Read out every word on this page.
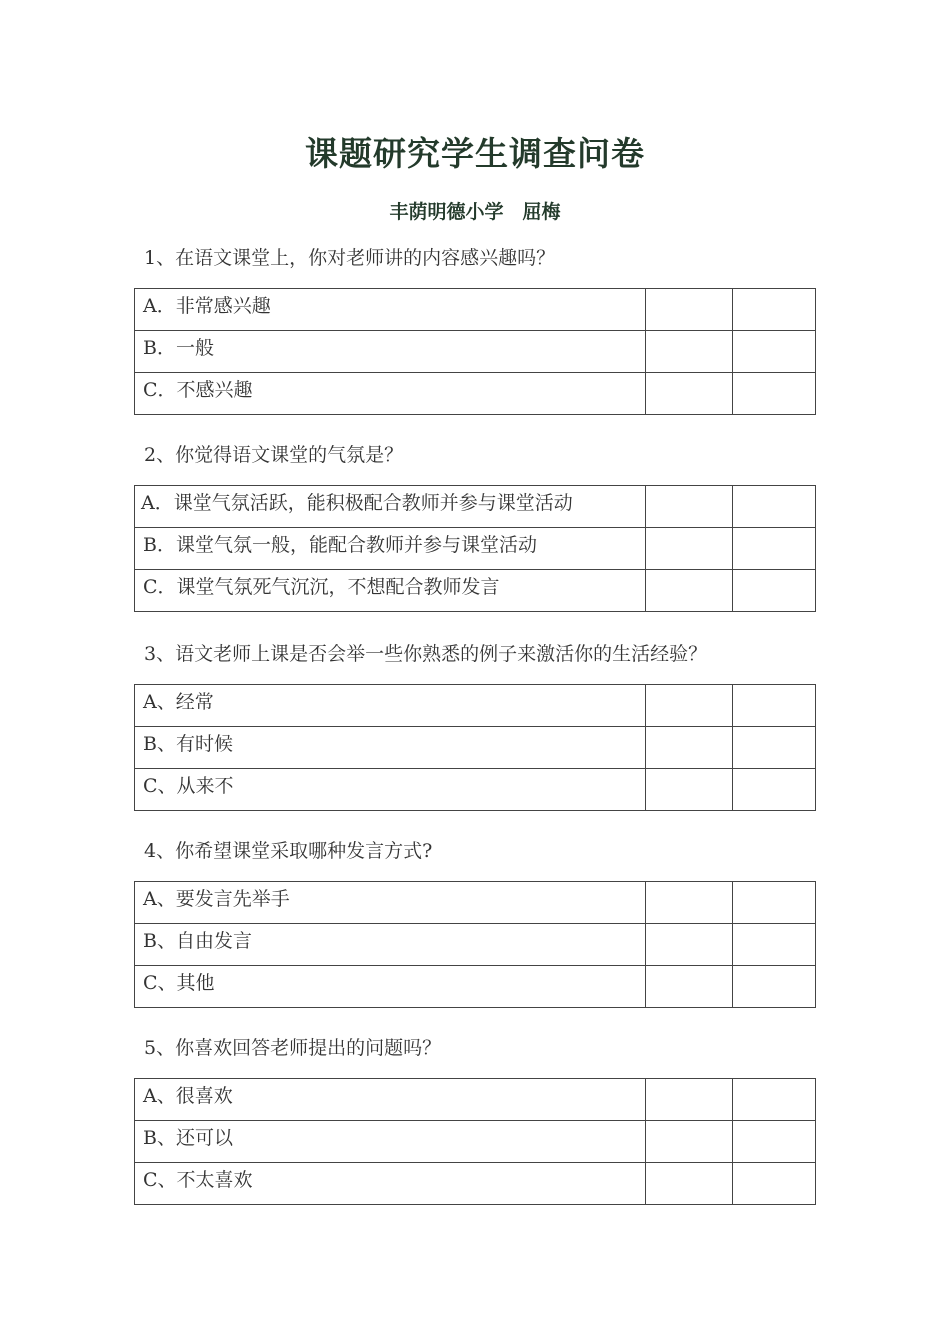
课题研究学生调查问卷
丰荫明德小学　屈梅
1、在语文课堂上，你对老师讲的内容感兴趣吗？
A．非常感兴趣		
B．一般		
C．不感兴趣		
2、你觉得语文课堂的气氛是？
A．课堂气氛活跃，能积极配合教师并参与课堂活动		
B．课堂气氛一般，能配合教师并参与课堂活动		
C．课堂气氛死气沉沉，不想配合教师发言		
3、语文老师上课是否会举一些你熟悉的例子来激活你的生活经验？
A、经常		
B、有时候		
C、从来不		
4、你希望课堂采取哪种发言方式?
A、要发言先举手		
B、自由发言		
C、其他		
5、你喜欢回答老师提出的问题吗？
A、很喜欢		
B、还可以		
C、不太喜欢		
